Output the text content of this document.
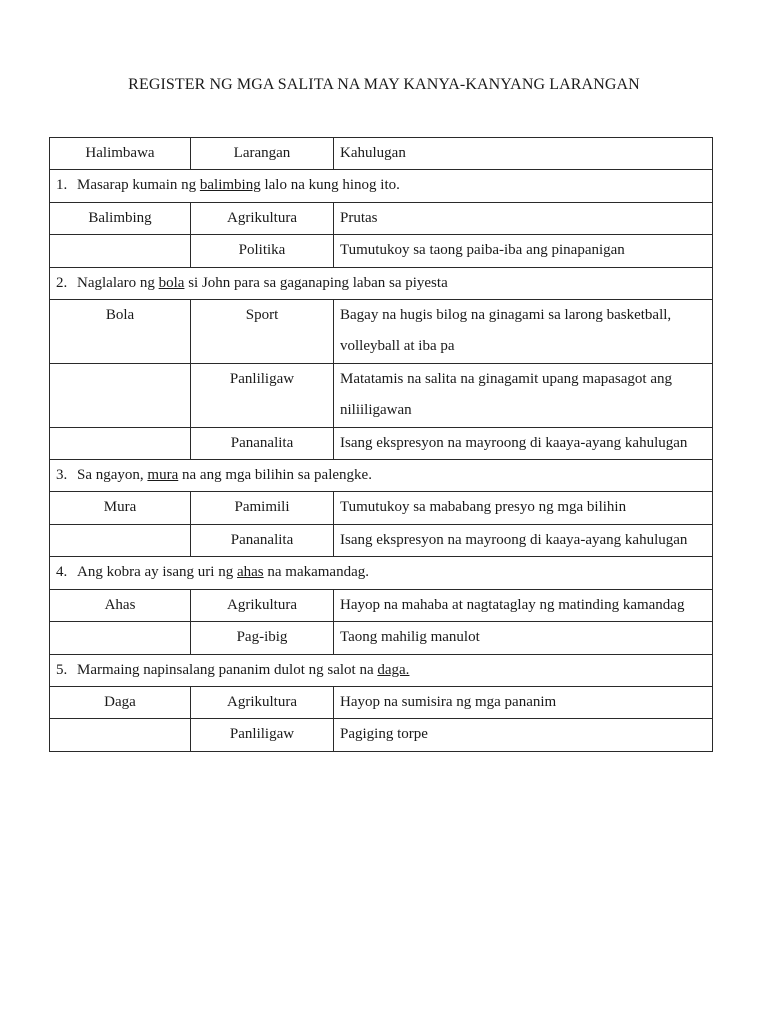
REGISTER NG MGA SALITA NA MAY KANYA-KANYANG LARANGAN
Halimbawa	Larangan	Kahulugan
1. Masarap kumain ng balimbing lalo na kung hinog ito.		
Balimbing	Agrikultura	Prutas
	Politika	Tumutukoy sa taong paiba-iba ang pinapanigan
2. Naglalaro ng bola si John para sa gaganaping laban sa piyesta		
Bola	Sport	Bagay na hugis bilog na ginagami sa larong basketball, volleyball at iba pa
	Panliligaw	Matatamis na salita na ginagamit upang mapasagot ang niliiligawan
	Pananalita	Isang ekspresyon na mayroong di kaaya-ayang kahulugan
3. Sa ngayon, mura na ang mga bilihin sa palengke.		
Mura	Pamimili	Tumutukoy sa mababang presyo ng mga bilihin
	Pananalita	Isang ekspresyon na mayroong di kaaya-ayang kahulugan
4. Ang kobra ay isang uri ng ahas na makamandag.		
Ahas	Agrikultura	Hayop na mahaba at nagtataglay ng matinding kamandag
	Pag-ibig	Taong mahilig manulot
5. Marmaing napinsalang pananim dulot ng salot na daga.		
Daga	Agrikultura	Hayop na sumisira ng mga pananim
	Panliligaw	Pagiging torpe
